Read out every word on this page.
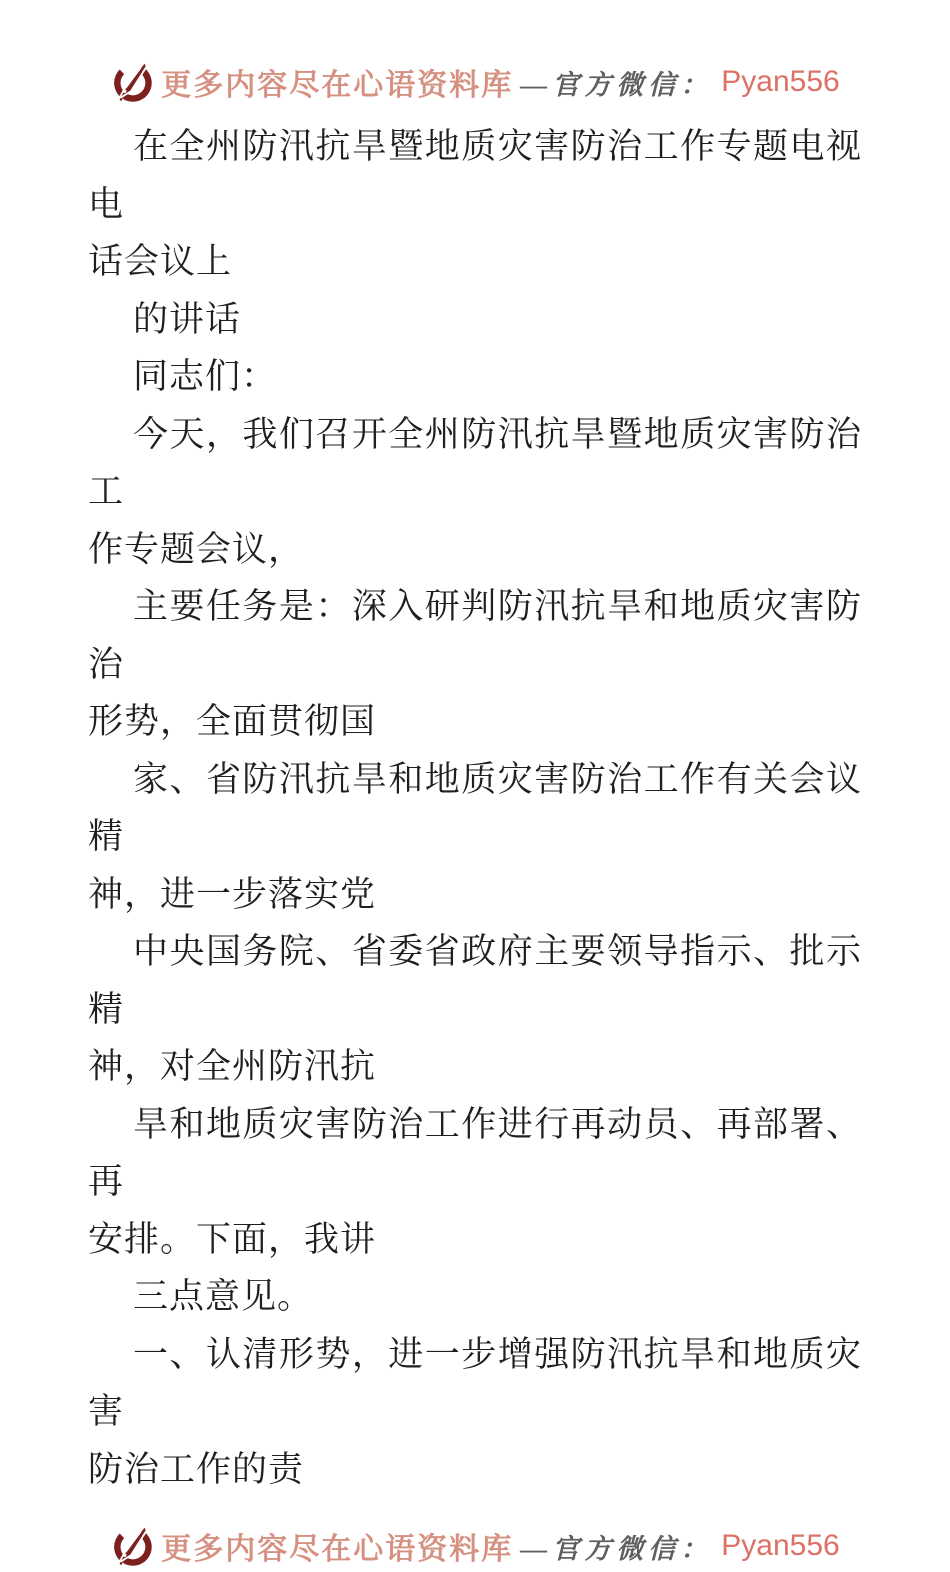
更多内容尽在心语资料库 —官方微信： Pyan556
在全州防汛抗旱暨地质灾害防治工作专题电视电
话会议上
的讲话
同志们：
今天，我们召开全州防汛抗旱暨地质灾害防治工
作专题会议，
主要任务是：深入研判防汛抗旱和地质灾害防治
形势，全面贯彻国
家、省防汛抗旱和地质灾害防治工作有关会议精
神，进一步落实党
中央国务院、省委省政府主要领导指示、批示精
神，对全州防汛抗
旱和地质灾害防治工作进行再动员、再部署、再
安排。下面，我讲
三点意见。
一、认清形势，进一步增强防汛抗旱和地质灾害
防治工作的责
更多内容尽在心语资料库 —官方微信： Pyan556
